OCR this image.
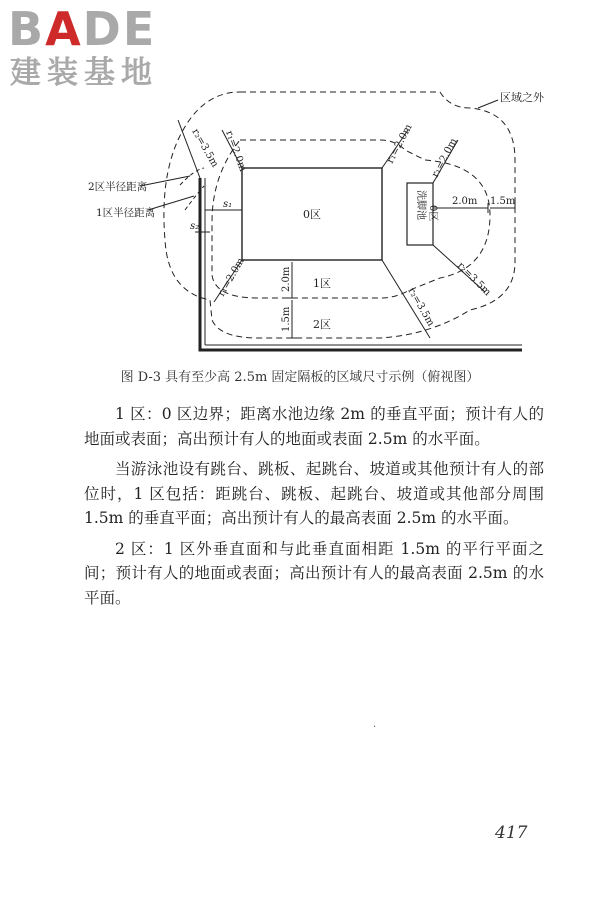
BADE
建装基地
区域之外
0区
1区
2区
r₂=3.5m r₁=2.0m	r₁=2.0m r₁=2.0m
r₁=2.0m
r₂=3.5m
r₂=3.5m
2区半径距离
1区半径距离
s₁
s₂
2.0m
1.5m
2.0m 1.5m
洗脚池 0区
图 D-3 具有至少高 2.5m 固定隔板的区域尺寸示例（俯视图）

1 区：0 区边界；距离水池边缘 2m 的垂直平面；预计有人的地面或表面；高出预计有人的地面或表面 2.5m 的水平面。

当游泳池设有跳台、跳板、起跳台、坡道或其他预计有人的部位时，1 区包括：距跳台、跳板、起跳台、坡道或其他部分周围 1.5m 的垂直平面；高出预计有人的最高表面 2.5m 的水平面。

2 区：1 区外垂直面和与此垂直面相距 1.5m 的平行平面之间；预计有人的地面或表面；高出预计有人的最高表面 2.5m 的水平面。

·
417
